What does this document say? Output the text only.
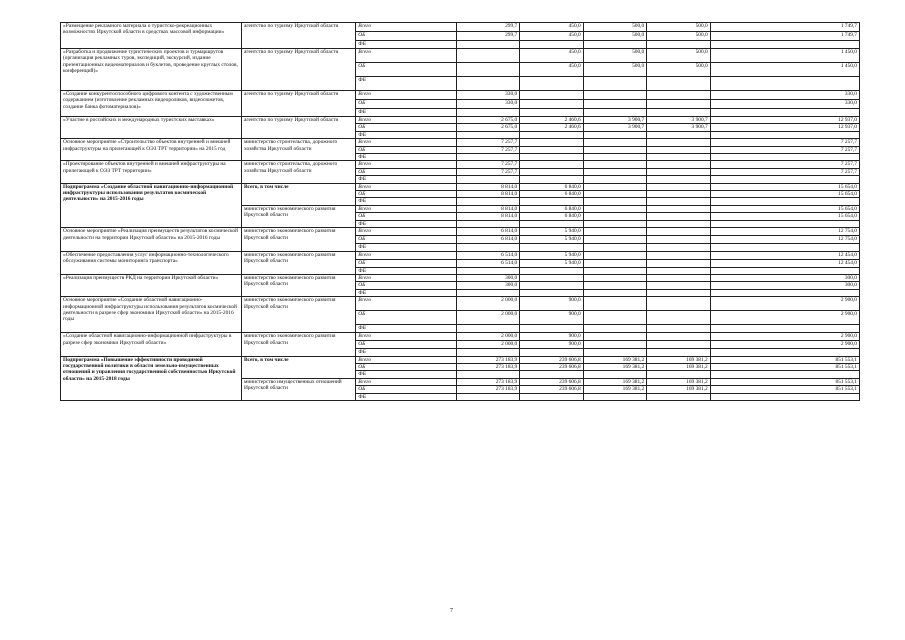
«Размещение рекламного материала о туристско-рекреационных возможностях Иркутской области в средствах массовой информации»	агентство по туризму Иркутской области	Всего	299,7	450,0	500,0	500,0	1 749,7
		ОБ	299,7	450,0	500,0	500,0	1 749,7
		ФБ					
«Разработка и продвижение туристических проектов и турмаршрутов (организация рекламных туров, экспедиций, экскурсий, издание презентационных видеоматериалов и буклетов, проведение круглых столов, конференций)»	агентство по туризму Иркутской области	Всего		450,0	500,0	500,0	1 450,0
		ОБ		450,0	500,0	500,0	1 450,0
		ФБ					
«Создание конкурентоспособного цифрового контента с художественным содержанием (изготовление рекламных видеороликов, видеосюжетов, создание банка фотоматериалов)»	агентство по туризму Иркутской области	Всего	330,0				330,0
		ОБ	330,0				330,0
		ФБ					
«Участие в российских и международных туристских выставках»	агентство по туризму Иркутской области	Всего	2 675,0	2 460,6	3 900,7	3 900,7	12 937,0
		ОБ	2 675,0	2 460,6	3 900,7	3 900,7	12 937,0
		ФБ					
Основное мероприятие «Строительство объектов внутренней и внешней инфраструктуры на прилегающей к ОЭЗ ТРТ территории» на 2015 год	министерство строительства, дорожного хозяйства Иркутской области	Всего	7 257,7				7 257,7
		ОБ	7 257,7				7 257,7
		ФБ					
«Проектирование объектов внутренней и внешней инфраструктуры на прилегающей к ОЭЗ ТРТ территории»	министерство строительства, дорожного хозяйства Иркутской области	Всего	7 257,7				7 257,7
		ОБ	7 257,7				7 257,7
		ФБ					
Подпрограмма «Создание областной навигационно-информационной инфраструктуры использования результатов космической деятельности» на 2015-2016 годы	Всего, в том числе	Всего	8 814,0	6 840,0			15 654,0
		ОБ	8 814,0	6 840,0			15 654,0
		ФБ					
	министерство экономического развития Иркутской области	Всего	8 814,0	6 840,0			15 654,0
		ОБ	8 814,0	6 840,0			15 654,0
		ФБ					
Основное мероприятие «Реализация преимуществ результатов космической деятельности на территории Иркутской области» на 2015-2016 годы	министерство экономического развития Иркутской области	Всего	6 814,0	5 940,0			12 754,0
		ОБ	6 814,0	5 940,0			12 754,0
		ФБ					
«Обеспечение предоставления услуг информационно-технологического обслуживания системы мониторинга транспорта»	министерство экономического развития Иркутской области	Всего	6 514,0	5 940,0			12 454,0
		ОБ	6 514,0	5 940,0			12 454,0
		ФБ					
«Реализация преимуществ РКД на территории Иркутской области»	министерство экономического развития Иркутской области	Всего	300,0				300,0
		ОБ	300,0				300,0
		ФБ					
Основное мероприятие «Создание областной навигационно-информационной инфраструктуры использования результатов космической деятельности в разрезе сфер экономики Иркутской области» на 2015-2016 годы	министерство экономического развития Иркутской области	Всего	2 000,0	900,0			2 900,0
		ОБ	2 000,0	900,0			2 900,0
		ФБ					
«Создание областной навигационно-информационной инфраструктуры в разрезе сфер экономики Иркутской области»	министерство экономического развития Иркутской области	Всего	2 000,0	900,0			2 900,0
		ОБ	2 000,0	900,0			2 900,0
		ФБ					
Подпрограмма «Повышение эффективности проводимой государственной политики в области земельно-имущественных отношений и управления государственной собственностью Иркутской области» на 2015-2018 годы	Всего, в том числе	Всего	273 183,9	239 606,8	169 381,2	169 381,2	851 553,1
		ОБ	273 183,9	239 606,8	169 381,2	169 381,2	851 553,1
		ФБ					
	министерство имущественных отношений Иркутской области	Всего	273 183,9	239 606,8	169 381,2	169 381,2	851 553,1
		ОБ	273 183,9	239 606,8	169 381,2	169 381,2	851 553,1
		ФБ					
7
